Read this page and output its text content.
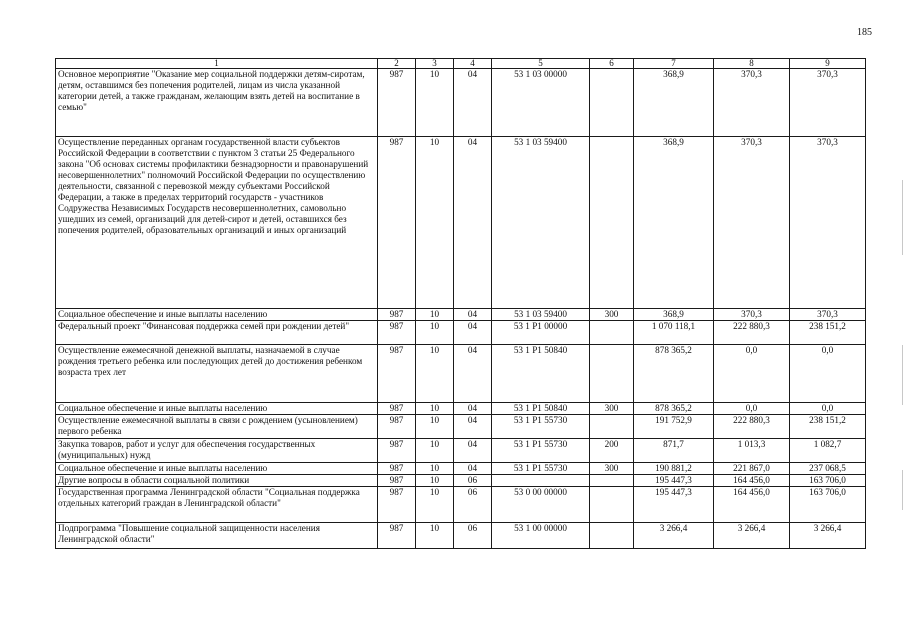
185
1	2	3	4	5	6	7	8	9
Основное мероприятие "Оказание мер социальной поддержки детям-сиротам, детям, оставшимся без попечения родителей, лицам из числа указанной категории детей, а также гражданам, желающим взять детей на воспитание в семью"	987	10	04	53 1 03 00000		368,9	370,3	370,3
Осуществление переданных органам государственной власти субъектов Российской Федерации в соответствии с пунктом 3 статьи 25 Федерального закона "Об основах системы профилактики безнадзорности и правонарушений несовершеннолетних" полномочий Российской Федерации по осуществлению деятельности, связанной с перевозкой между субъектами Российской Федерации, а также в пределах территорий государств - участников Содружества Независимых Государств несовершеннолетних, самовольно ушедших из семей, организаций для детей-сирот и детей, оставшихся без попечения родителей, образовательных организаций и иных организаций	987	10	04	53 1 03 59400		368,9	370,3	370,3
Социальное обеспечение и иные выплаты населению	987	10	04	53 1 03 59400	300	368,9	370,3	370,3
Федеральный проект "Финансовая поддержка семей при рождении детей"	987	10	04	53 1 P1 00000		1 070 118,1	222 880,3	238 151,2
Осуществление ежемесячной денежной выплаты, назначаемой в случае рождения третьего ребенка или последующих детей до достижения ребенком возраста трех лет	987	10	04	53 1 P1 50840		878 365,2	0,0	0,0
Социальное обеспечение и иные выплаты населению	987	10	04	53 1 P1 50840	300	878 365,2	0,0	0,0
Осуществление ежемесячной выплаты в связи с рождением (усыновлением) первого ребенка	987	10	04	53 1 P1 55730		191 752,9	222 880,3	238 151,2
Закупка товаров, работ и услуг для обеспечения государственных (муниципальных) нужд	987	10	04	53 1 P1 55730	200	871,7	1 013,3	1 082,7
Социальное обеспечение и иные выплаты населению	987	10	04	53 1 P1 55730	300	190 881,2	221 867,0	237 068,5
Другие вопросы в области социальной политики	987	10	06			195 447,3	164 456,0	163 706,0
Государственная программа Ленинградской области "Социальная поддержка отдельных категорий граждан в Ленинградской области"	987	10	06	53 0 00 00000		195 447,3	164 456,0	163 706,0
Подпрограмма "Повышение социальной защищенности населения Ленинградской области"	987	10	06	53 1 00 00000		3 266,4	3 266,4	3 266,4
